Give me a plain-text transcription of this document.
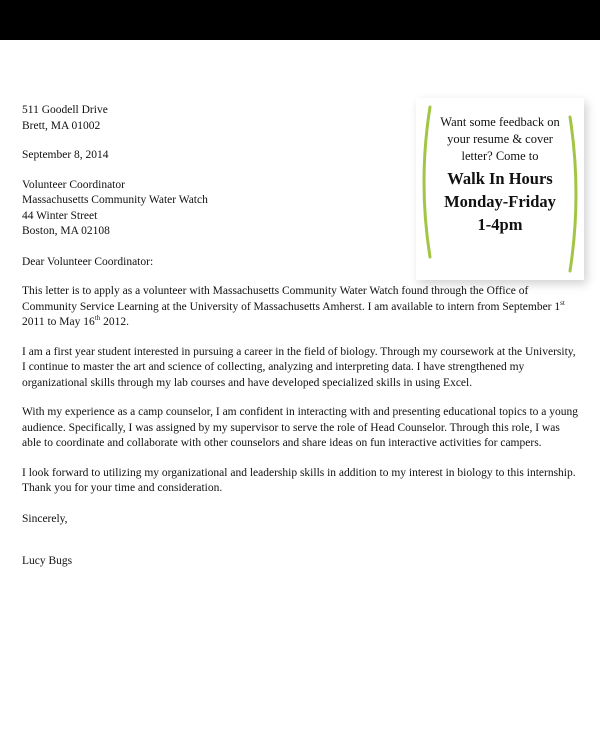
Want some feedback on your resume & cover letter? Come to
Walk In Hours
Monday-Friday
1-4pm
511 Goodell Drive
Brett, MA 01002
September 8, 2014
Volunteer Coordinator
Massachusetts Community Water Watch
44 Winter Street
Boston, MA 02108
Dear Volunteer Coordinator:

This letter is to apply as a volunteer with Massachusetts Community Water Watch found through the Office of Community Service Learning at the University of Massachusetts Amherst. I am available to intern from September 1st 2011 to May 16th 2012.

I am a first year student interested in pursuing a career in the field of biology. Through my coursework at the University, I continue to master the art and science of collecting, analyzing and interpreting data. I have strengthened my organizational skills through my lab courses and have developed specialized skills in using Excel.

With my experience as a camp counselor, I am confident in interacting with and presenting educational topics to a young audience. Specifically, I was assigned by my supervisor to serve the role of Head Counselor. Through this role, I was able to coordinate and collaborate with other counselors and share ideas on fun interactive activities for campers.

I look forward to utilizing my organizational and leadership skills in addition to my interest in biology to this internship. Thank you for your time and consideration.

Sincerely,
Lucy Bugs
